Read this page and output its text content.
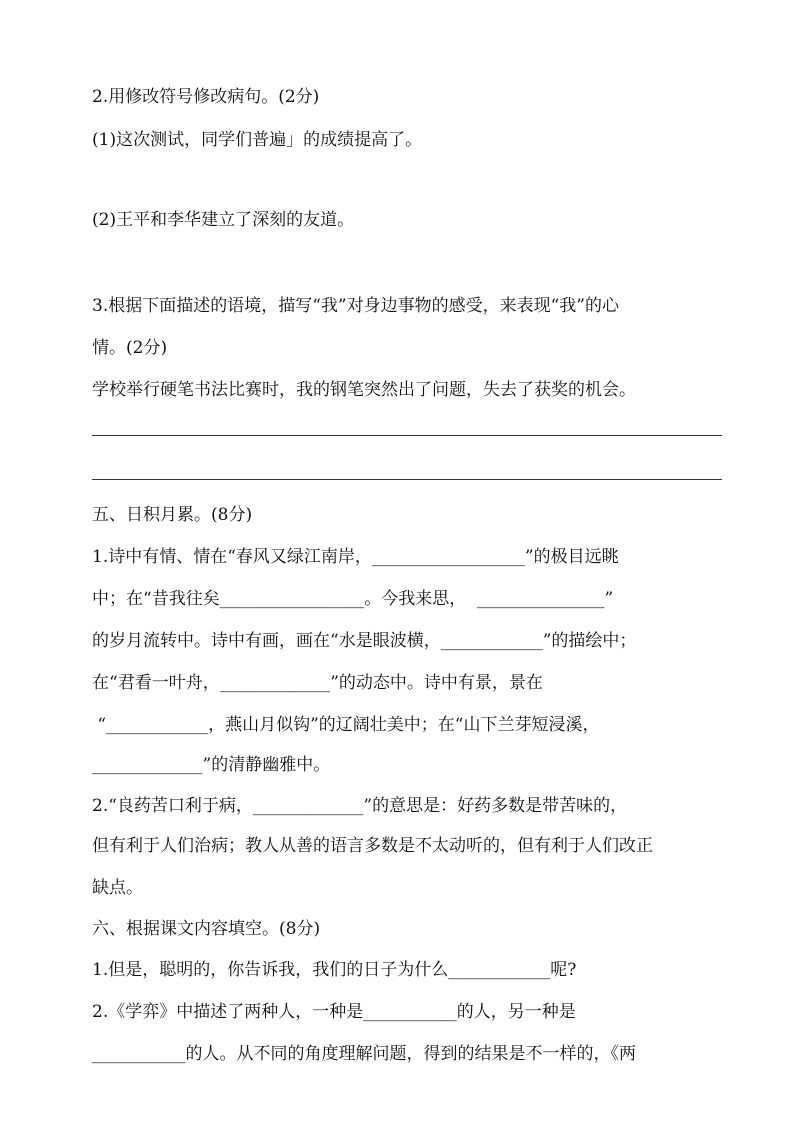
2.用修改符号修改病句。(2分)
(1)这次测试，同学们普遍」的成绩提高了。
(2)王平和李华建立了深刻的友道。
3.根据下面描述的语境，描写“我”对身边事物的感受，来表现“我”的心
情。(2分)
学校举行硬笔书法比赛时，我的钢笔突然出了问题，失去了获奖的机会。
五、日积月累。(8分)
1.诗中有情、情在“春风又绿江南岸，__________________”的极目远眺
中；在“昔我往矣_________________。今我来思，  _______________”
的岁月流转中。诗中有画，画在“水是眼波横，____________”的描绘中；
在“君看一叶舟，_____________”的动态中。诗中有景，景在
“____________，燕山月似钩”的辽阔壮美中；在“山下兰芽短浸溪，
_____________”的清静幽雅中。
2.“良药苦口利于病，_____________”的意思是：好药多数是带苦味的，
但有利于人们治病；教人从善的语言多数是不太动听的，但有利于人们改正
缺点。
六、根据课文内容填空。(8分)
1.但是，聪明的，你告诉我，我们的日子为什么____________呢?
2.《学弈》中描述了两种人，一种是___________的人，另一种是
___________的人。从不同的角度理解问题，得到的结果是不一样的，《两
